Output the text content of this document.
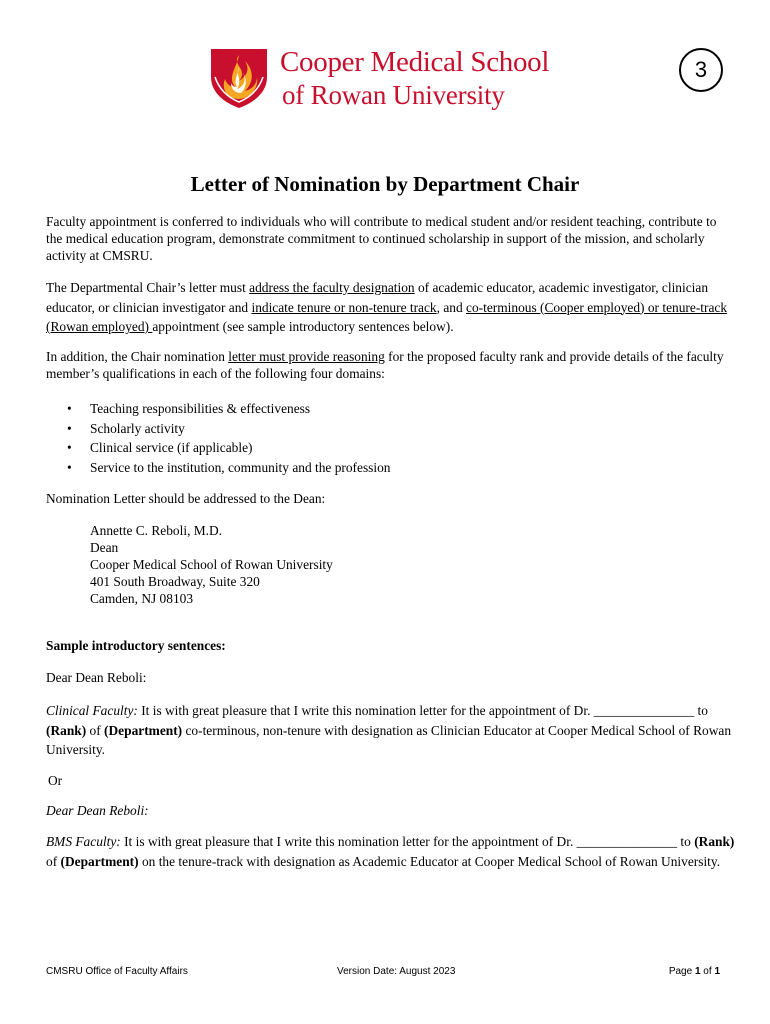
Cooper Medical School
of Rowan University
3
Letter of Nomination by Department Chair
Faculty appointment is conferred to individuals who will contribute to medical student and/or resident teaching, contribute to the medical education program, demonstrate commitment to continued scholarship in support of the mission, and scholarly activity at CMSRU.
The Departmental Chair’s letter must address the faculty designation of academic educator, academic investigator, clinician educator, or clinician investigator and indicate tenure or non-tenure track, and co-terminous (Cooper employed) or tenure-track (Rowan employed) appointment (see sample introductory sentences below).
In addition, the Chair nomination letter must provide reasoning for the proposed faculty rank and provide details of the faculty member’s qualifications in each of the following four domains:
• Teaching responsibilities & effectiveness
• Scholarly activity
• Clinical service (if applicable)
• Service to the institution, community and the profession
Nomination Letter should be addressed to the Dean:
Annette C. Reboli, M.D.
Dean
Cooper Medical School of Rowan University
401 South Broadway, Suite 320
Camden, NJ 08103
Sample introductory sentences:
Dear Dean Reboli:
Clinical Faculty: It is with great pleasure that I write this nomination letter for the appointment of Dr. _______________ to (Rank) of (Department) co-terminous, non-tenure with designation as Clinician Educator at Cooper Medical School of Rowan University.
Or
Dear Dean Reboli:
BMS Faculty: It is with great pleasure that I write this nomination letter for the appointment of Dr. _______________ to (Rank) of (Department) on the tenure-track with designation as Academic Educator at Cooper Medical School of Rowan University.
CMSRU Office of Faculty Affairs	Version Date: August 2023	Page 1 of 1
